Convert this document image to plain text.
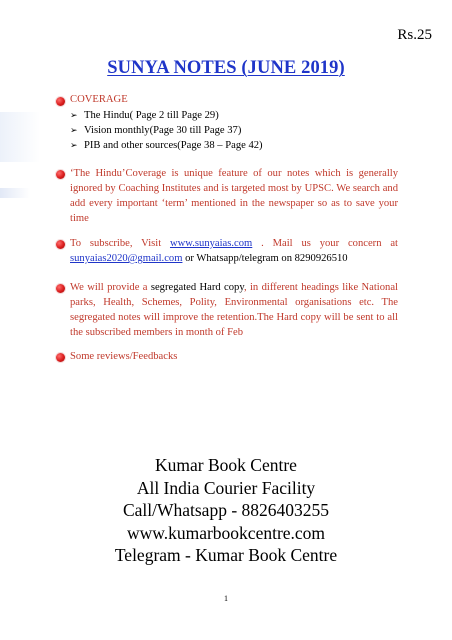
Rs.25
SUNYA NOTES (JUNE 2019)
COVERAGE
➢ The Hindu( Page 2 till Page 29)
➢ Vision monthly(Page 30 till Page 37)
➢ PIB and other sources(Page 38 – Page 42)

‘The Hindu’Coverage is unique feature of our notes which is generally ignored by Coaching Institutes and is targeted most by UPSC. We search and add every important ‘term’ mentioned in the newspaper so as to save your time

To subscribe, Visit www.sunyaias.com . Mail us your concern at sunyaias2020@gmail.com or Whatsapp/telegram on 8290926510

We will provide a segregated Hard copy, in different headings like National parks, Health, Schemes, Polity, Environmental organisations etc. The segregated notes will improve the retention.The Hard copy will be sent to all the subscribed members in month of Feb

Some reviews/Feedbacks

Kumar Book Centre
All India Courier Facility
Call/Whatsapp - 8826403255
www.kumarbookcentre.com
Telegram - Kumar Book Centre
1
